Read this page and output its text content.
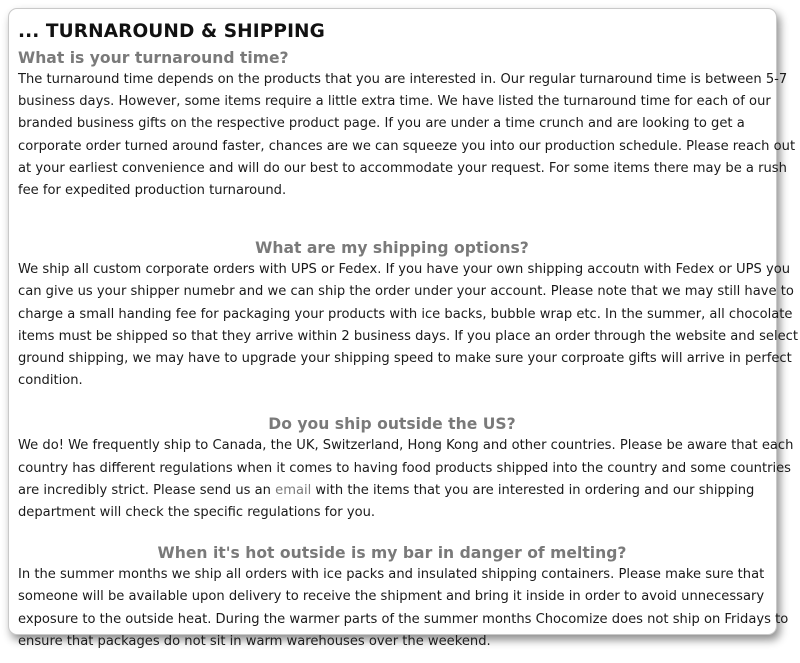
... TURNAROUND & SHIPPING
What is your turnaround time?

The turnaround time depends on the products that you are interested in. Our regular turnaround time is between 5-7
business days. However, some items require a little extra time. We have listed the turnaround time for each of our
branded business gifts on the respective product page. If you are under a time crunch and are looking to get a
corporate order turned around faster, chances are we can squeeze you into our production schedule. Please reach out
at your earliest convenience and will do our best to accommodate your request. For some items there may be a rush
fee for expedited production turnaround.

What are my shipping options?

We ship all custom corporate orders with UPS or Fedex. If you have your own shipping accoutn with Fedex or UPS you
can give us your shipper numebr and we can ship the order under your account. Please note that we may still have to
charge a small handing fee for packaging your products with ice backs, bubble wrap etc. In the summer, all chocolate
items must be shipped so that they arrive within 2 business days. If you place an order through the website and select
ground shipping, we may have to upgrade your shipping speed to make sure your corproate gifts will arrive in perfect
condition.

Do you ship outside the US?

We do! We frequently ship to Canada, the UK, Switzerland, Hong Kong and other countries. Please be aware that each
country has different regulations when it comes to having food products shipped into the country and some countries
are incredibly strict. Please send us an email with the items that you are interested in ordering and our shipping
department will check the specific regulations for you.

When it's hot outside is my bar in danger of melting?

In the summer months we ship all orders with ice packs and insulated shipping containers. Please make sure that
someone will be available upon delivery to receive the shipment and bring it inside in order to avoid unnecessary
exposure to the outside heat. During the warmer parts of the summer months Chocomize does not ship on Fridays to
ensure that packages do not sit in warm warehouses over the weekend.
